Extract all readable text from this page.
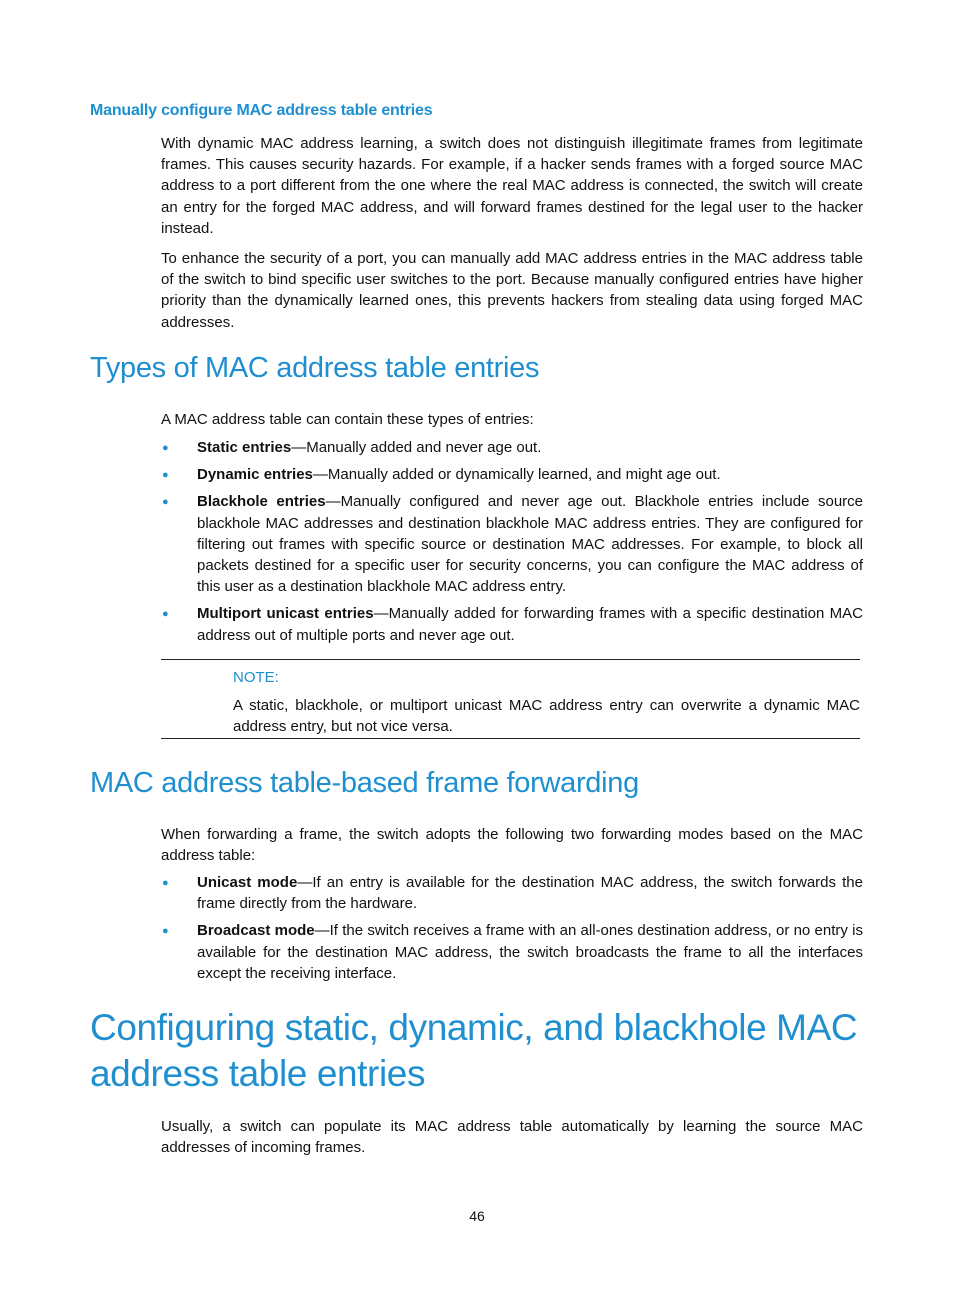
Manually configure MAC address table entries

With dynamic MAC address learning, a switch does not distinguish illegitimate frames from legitimate frames. This causes security hazards. For example, if a hacker sends frames with a forged source MAC address to a port different from the one where the real MAC address is connected, the switch will create an entry for the forged MAC address, and will forward frames destined for the legal user to the hacker instead.

To enhance the security of a port, you can manually add MAC address entries in the MAC address table of the switch to bind specific user switches to the port. Because manually configured entries have higher priority than the dynamically learned ones, this prevents hackers from stealing data using forged MAC addresses.

Types of MAC address table entries

A MAC address table can contain these types of entries:

● Static entries—Manually added and never age out.
● Dynamic entries—Manually added or dynamically learned, and might age out.
● Blackhole entries—Manually configured and never age out. Blackhole entries include source blackhole MAC addresses and destination blackhole MAC address entries. They are configured for filtering out frames with specific source or destination MAC addresses. For example, to block all packets destined for a specific user for security concerns, you can configure the MAC address of this user as a destination blackhole MAC address entry.
● Multiport unicast entries—Manually added for forwarding frames with a specific destination MAC address out of multiple ports and never age out.
NOTE:

A static, blackhole, or multiport unicast MAC address entry can overwrite a dynamic MAC address entry, but not vice versa.

MAC address table-based frame forwarding

When forwarding a frame, the switch adopts the following two forwarding modes based on the MAC address table:

● Unicast mode—If an entry is available for the destination MAC address, the switch forwards the frame directly from the hardware.
● Broadcast mode—If the switch receives a frame with an all-ones destination address, or no entry is available for the destination MAC address, the switch broadcasts the frame to all the interfaces except the receiving interface.
Configuring static, dynamic, and blackhole MAC address table entries

Usually, a switch can populate its MAC address table automatically by learning the source MAC addresses of incoming frames.

46
